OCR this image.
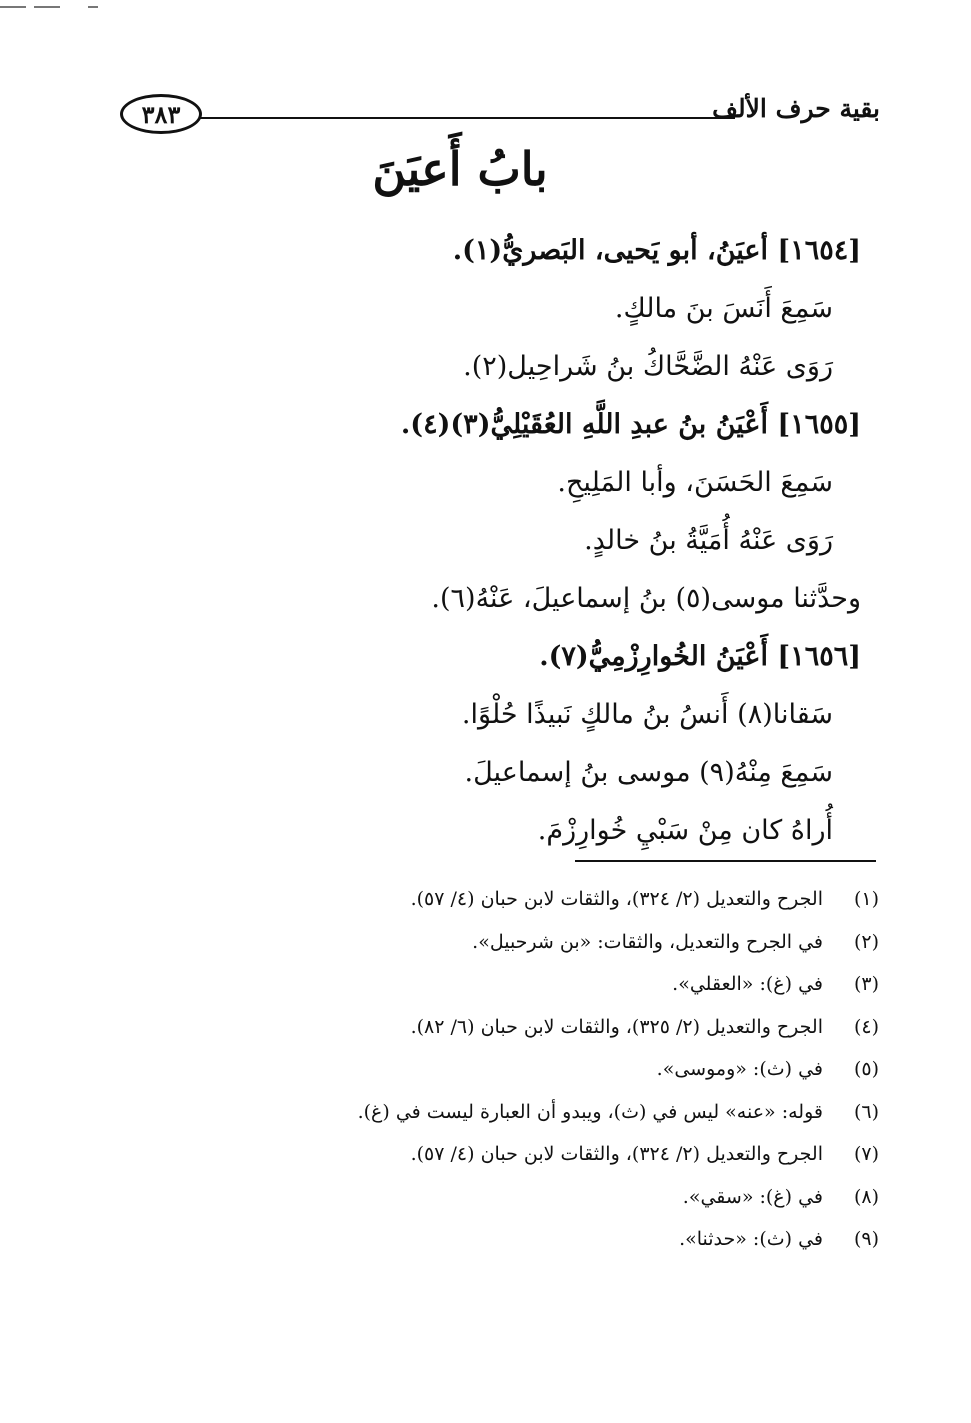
٣٨٣	بقية حرف الألف
بابُ أَعيَنَ
[١٦٥٤] أعيَنُ، أبو يَحيى، البَصريُّ(١).
سَمِعَ أَنَسَ بنَ مالكٍ.
رَوَى عَنْهُ الضَّحَّاكُ بنُ شَراحِيل(٢).
[١٦٥٥] أَعْيَنُ بنُ عبدِ اللَّهِ العُقَيْلِيُّ(٣)(٤).
سَمِعَ الحَسَنَ، وأبا المَلِيحِ.
رَوَى عَنْهُ أُمَيَّةُ بنُ خالدٍ.
وحدَّثنا موسى(٥) بنُ إسماعيلَ، عَنْهُ(٦).
[١٦٥٦] أَعْيَنُ الخُوارِزْمِيُّ(٧).
سَقانا(٨) أَنسُ بنُ مالكٍ نَبيذًا حُلْوًا.
سَمِعَ مِنْهُ(٩) موسى بنُ إسماعيلَ.
أُراهُ كان مِنْ سَبْيِ خُوارِزْمَ.
(١)
الجرح والتعديل (٢/ ٣٢٤)، والثقات لابن حبان (٤/ ٥٧).
(٢)
في الجرح والتعديل، والثقات: «بن شرحبيل».
(٣)
في (غ): «العقلي».
(٤)
الجرح والتعديل (٢/ ٣٢٥)، والثقات لابن حبان (٦/ ٨٢).
(٥)
في (ث): «وموسى».
(٦)
قوله: «عنه» ليس في (ث)، ويبدو أن العبارة ليست في (غ).
(٧)
الجرح والتعديل (٢/ ٣٢٤)، والثقات لابن حبان (٤/ ٥٧).
(٨)
في (غ): «سقي».
(٩)
في (ث): «حدثنا».
